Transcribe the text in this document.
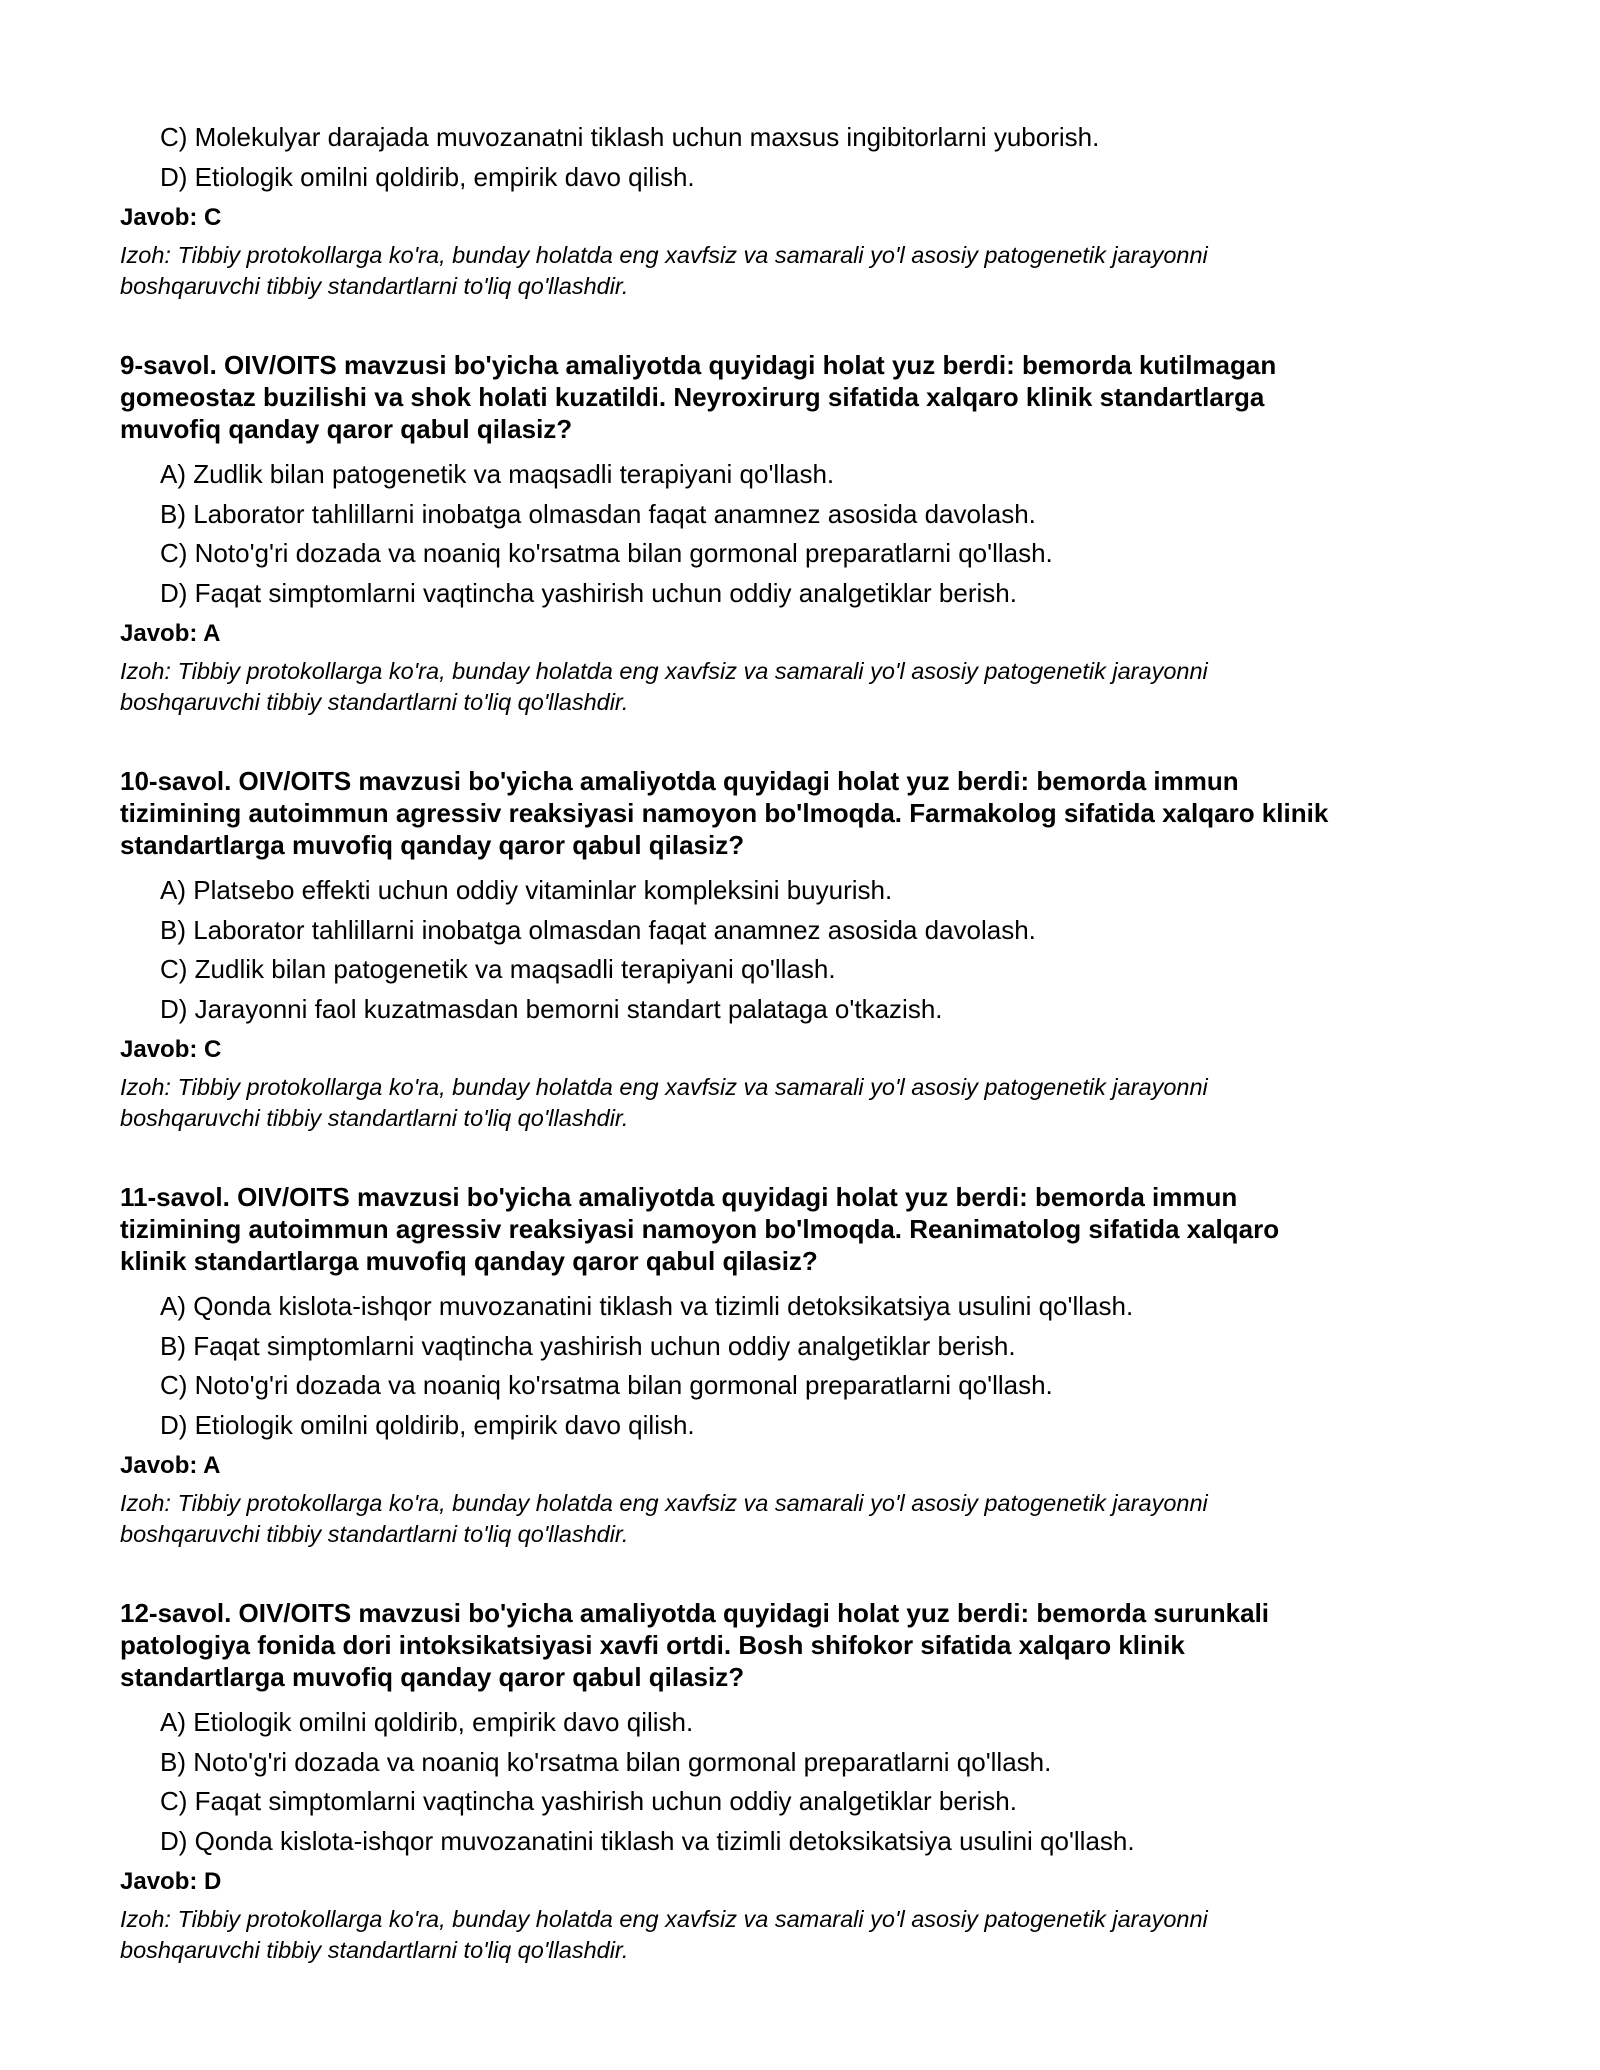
C) Molekulyar darajada muvozanatni tiklash uchun maxsus ingibitorlarni yuborish.
D) Etiologik omilni qoldirib, empirik davo qilish.
Javob: C
Izoh: Tibbiy protokollarga ko'ra, bunday holatda eng xavfsiz va samarali yo'l asosiy patogenetik jarayonni
boshqaruvchi tibbiy standartlarni to'liq qo'llashdir.
9-savol. OIV/OITS mavzusi bo'yicha amaliyotda quyidagi holat yuz berdi: bemorda kutilmagan
gomeostaz buzilishi va shok holati kuzatildi. Neyroxirurg sifatida xalqaro klinik standartlarga
muvofiq qanday qaror qabul qilasiz?
A) Zudlik bilan patogenetik va maqsadli terapiyani qo'llash.
B) Laborator tahlillarni inobatga olmasdan faqat anamnez asosida davolash.
C) Noto'g'ri dozada va noaniq ko'rsatma bilan gormonal preparatlarni qo'llash.
D) Faqat simptomlarni vaqtincha yashirish uchun oddiy analgetiklar berish.
Javob: A
Izoh: Tibbiy protokollarga ko'ra, bunday holatda eng xavfsiz va samarali yo'l asosiy patogenetik jarayonni
boshqaruvchi tibbiy standartlarni to'liq qo'llashdir.
10-savol. OIV/OITS mavzusi bo'yicha amaliyotda quyidagi holat yuz berdi: bemorda immun
tizimining autoimmun agressiv reaksiyasi namoyon bo'lmoqda. Farmakolog sifatida xalqaro klinik
standartlarga muvofiq qanday qaror qabul qilasiz?
A) Platsebo effekti uchun oddiy vitaminlar kompleksini buyurish.
B) Laborator tahlillarni inobatga olmasdan faqat anamnez asosida davolash.
C) Zudlik bilan patogenetik va maqsadli terapiyani qo'llash.
D) Jarayonni faol kuzatmasdan bemorni standart palataga o'tkazish.
Javob: C
Izoh: Tibbiy protokollarga ko'ra, bunday holatda eng xavfsiz va samarali yo'l asosiy patogenetik jarayonni
boshqaruvchi tibbiy standartlarni to'liq qo'llashdir.
11-savol. OIV/OITS mavzusi bo'yicha amaliyotda quyidagi holat yuz berdi: bemorda immun
tizimining autoimmun agressiv reaksiyasi namoyon bo'lmoqda. Reanimatolog sifatida xalqaro
klinik standartlarga muvofiq qanday qaror qabul qilasiz?
A) Qonda kislota-ishqor muvozanatini tiklash va tizimli detoksikatsiya usulini qo'llash.
B) Faqat simptomlarni vaqtincha yashirish uchun oddiy analgetiklar berish.
C) Noto'g'ri dozada va noaniq ko'rsatma bilan gormonal preparatlarni qo'llash.
D) Etiologik omilni qoldirib, empirik davo qilish.
Javob: A
Izoh: Tibbiy protokollarga ko'ra, bunday holatda eng xavfsiz va samarali yo'l asosiy patogenetik jarayonni
boshqaruvchi tibbiy standartlarni to'liq qo'llashdir.
12-savol. OIV/OITS mavzusi bo'yicha amaliyotda quyidagi holat yuz berdi: bemorda surunkali
patologiya fonida dori intoksikatsiyasi xavfi ortdi. Bosh shifokor sifatida xalqaro klinik
standartlarga muvofiq qanday qaror qabul qilasiz?
A) Etiologik omilni qoldirib, empirik davo qilish.
B) Noto'g'ri dozada va noaniq ko'rsatma bilan gormonal preparatlarni qo'llash.
C) Faqat simptomlarni vaqtincha yashirish uchun oddiy analgetiklar berish.
D) Qonda kislota-ishqor muvozanatini tiklash va tizimli detoksikatsiya usulini qo'llash.
Javob: D
Izoh: Tibbiy protokollarga ko'ra, bunday holatda eng xavfsiz va samarali yo'l asosiy patogenetik jarayonni
boshqaruvchi tibbiy standartlarni to'liq qo'llashdir.
